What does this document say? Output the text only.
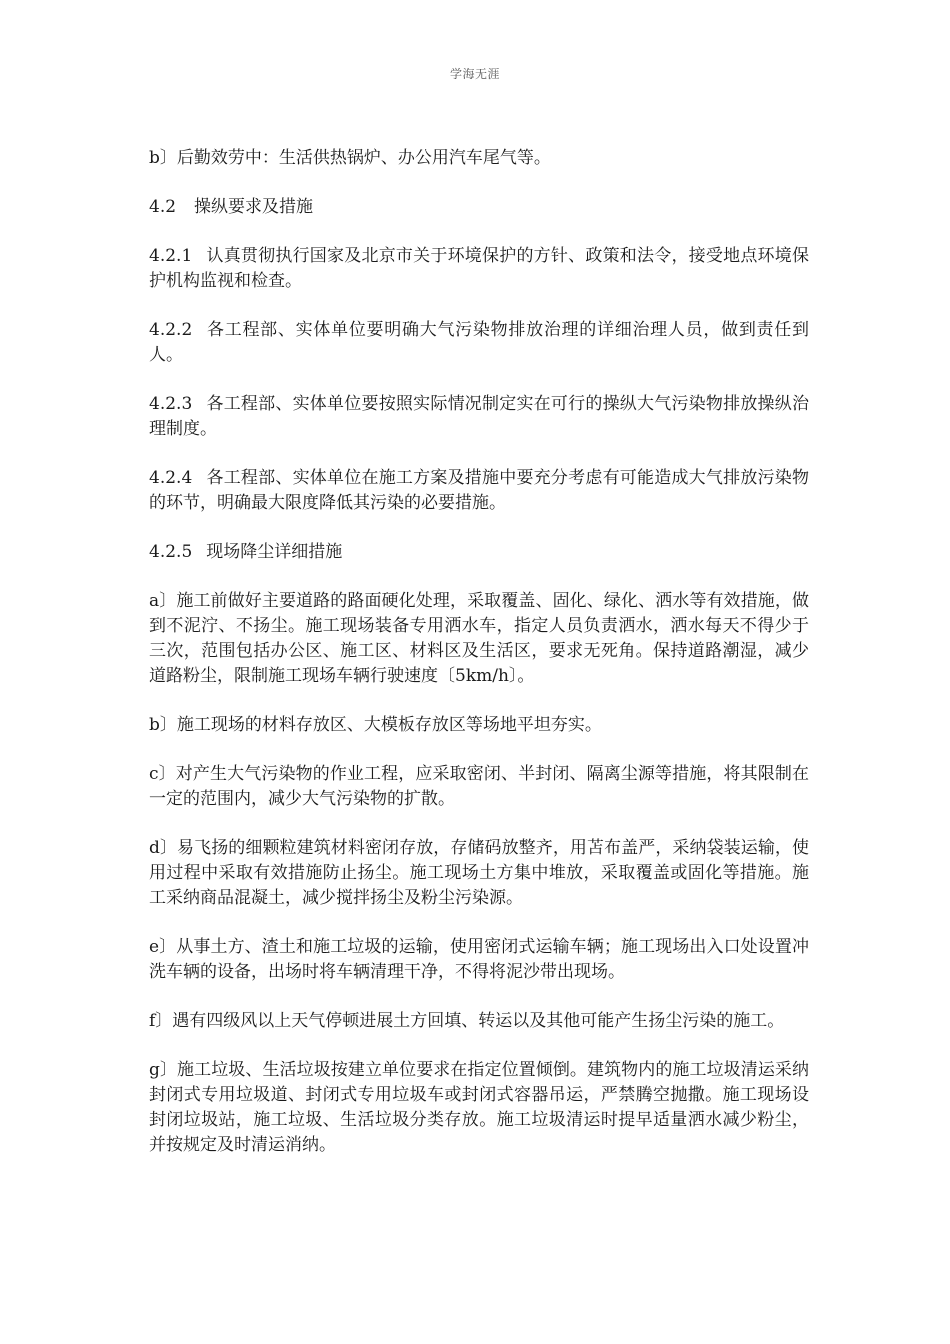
学海无涯

b〕后勤效劳中：生活供热锅炉、办公用汽车尾气等。

4.2 操纵要求及措施

4.2.1 认真贯彻执行国家及北京市关于环境保护的方针、政策和法令，接受地点环境保护机构监视和检查。

4.2.2 各工程部、实体单位要明确大气污染物排放治理的详细治理人员，做到责任到人。

4.2.3 各工程部、实体单位要按照实际情况制定实在可行的操纵大气污染物排放操纵治理制度。

4.2.4 各工程部、实体单位在施工方案及措施中要充分考虑有可能造成大气排放污染物的环节，明确最大限度降低其污染的必要措施。

4.2.5 现场降尘详细措施

a〕施工前做好主要道路的路面硬化处理，采取覆盖、固化、绿化、洒水等有效措施，做到不泥泞、不扬尘。施工现场装备专用洒水车，指定人员负责洒水，洒水每天不得少于三次，范围包括办公区、施工区、材料区及生活区，要求无死角。保持道路潮湿，减少道路粉尘，限制施工现场车辆行驶速度〔5km/h〕。

b〕施工现场的材料存放区、大模板存放区等场地平坦夯实。

c〕对产生大气污染物的作业工程，应采取密闭、半封闭、隔离尘源等措施，将其限制在一定的范围内，减少大气污染物的扩散。

d〕易飞扬的细颗粒建筑材料密闭存放，存储码放整齐，用苫布盖严，采纳袋装运输，使用过程中采取有效措施防止扬尘。施工现场土方集中堆放，采取覆盖或固化等措施。施工采纳商品混凝土，减少搅拌扬尘及粉尘污染源。

e〕从事土方、渣土和施工垃圾的运输，使用密闭式运输车辆；施工现场出入口处设置冲洗车辆的设备，出场时将车辆清理干净，不得将泥沙带出现场。

f〕遇有四级风以上天气停顿进展土方回填、转运以及其他可能产生扬尘污染的施工。

g〕施工垃圾、生活垃圾按建立单位要求在指定位置倾倒。建筑物内的施工垃圾清运采纳封闭式专用垃圾道、封闭式专用垃圾车或封闭式容器吊运，严禁腾空抛撒。施工现场设封闭垃圾站，施工垃圾、生活垃圾分类存放。施工垃圾清运时提早适量洒水减少粉尘，并按规定及时清运消纳。
